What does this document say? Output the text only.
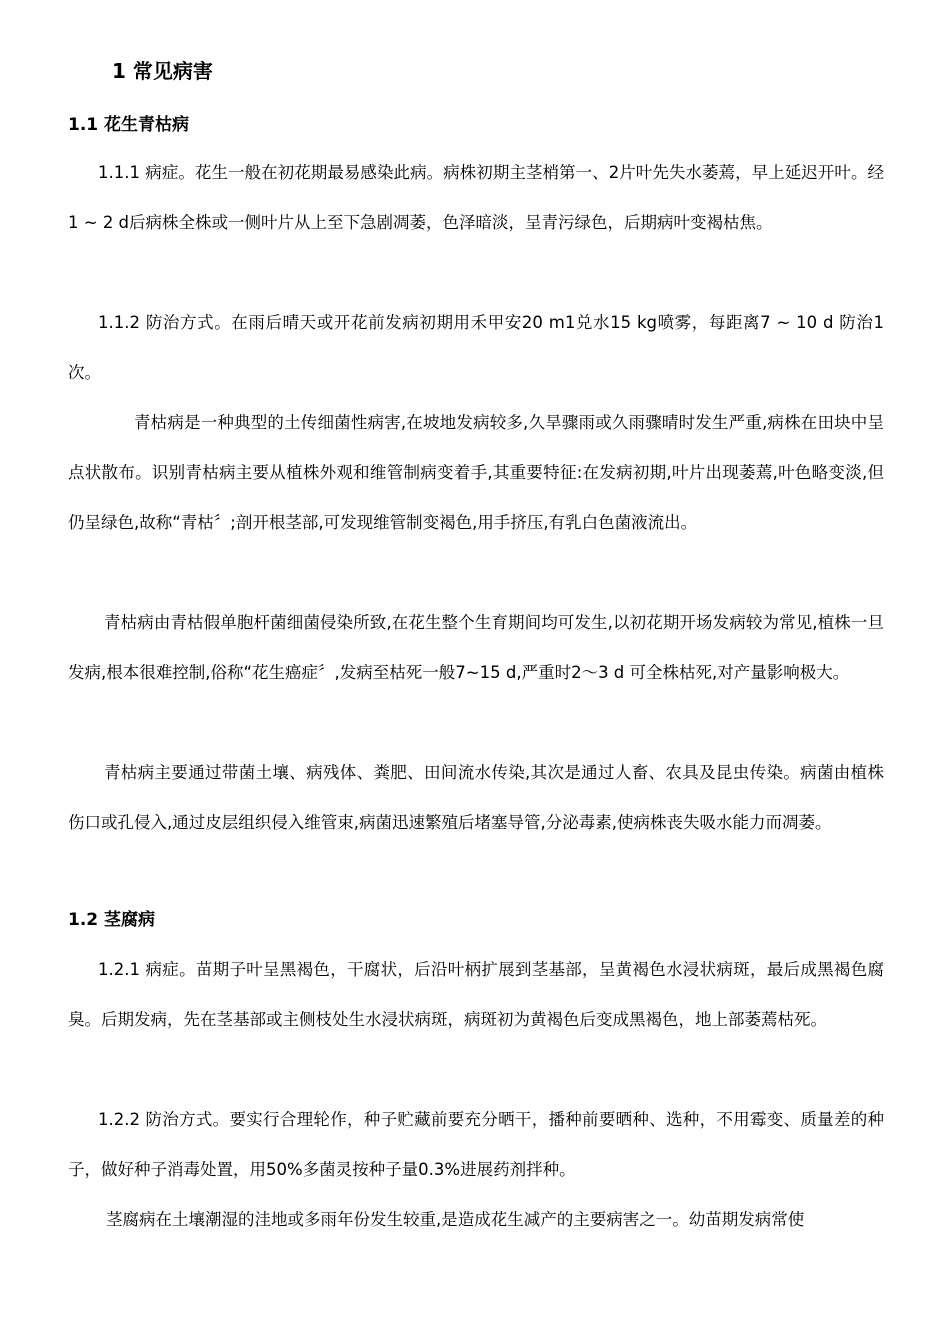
1 常见病害
1.1 花生青枯病

1.1.1 病症。花生一般在初花期最易感染此病。病株初期主茎梢第一、2片叶先失水萎蔫，早上延迟开叶。经1 ~ 2 d后病株全株或一侧叶片从上至下急剧凋萎，色泽暗淡，呈青污绿色，后期病叶变褐枯焦。

1.1.2 防治方式。在雨后晴天或开花前发病初期用禾甲安20 m1兑水15 kg喷雾，每距离7 ~ 10 d 防治1次。

青枯病是一种典型的土传细菌性病害,在坡地发病较多,久旱骤雨或久雨骤晴时发生严重,病株在田块中呈点状散布。识别青枯病主要从植株外观和维管制病变着手,其重要特征:在发病初期,叶片出现萎蔫,叶色略变淡,但仍呈绿色,故称“青枯〞;剖开根茎部,可发现维管制变褐色,用手挤压,有乳白色菌液流出。

青枯病由青枯假单胞杆菌细菌侵染所致,在花生整个生育期间均可发生,以初花期开场发病较为常见,植株一旦发病,根本很难控制,俗称“花生癌症〞,发病至枯死一般7~15 d,严重时2～3 d 可全株枯死,对产量影响极大。

青枯病主要通过带菌土壤、病残体、粪肥、田间流水传染,其次是通过人畜、农具及昆虫传染。病菌由植株伤口或孔侵入,通过皮层组织侵入维管束,病菌迅速繁殖后堵塞导管,分泌毒素,使病株丧失吸水能力而凋萎。

1.2 茎腐病

1.2.1 病症。苗期子叶呈黑褐色，干腐状，后沿叶柄扩展到茎基部，呈黄褐色水浸状病斑，最后成黑褐色腐臭。后期发病，先在茎基部或主侧枝处生水浸状病斑，病斑初为黄褐色后变成黑褐色，地上部萎蔫枯死。

1.2.2 防治方式。要实行合理轮作，种子贮藏前要充分晒干，播种前要晒种、选种，不用霉变、质量差的种子，做好种子消毒处置，用50%多菌灵按种子量0.3%进展药剂拌种。

茎腐病在土壤潮湿的洼地或多雨年份发生较重,是造成花生减产的主要病害之一。幼苗期发病常使
